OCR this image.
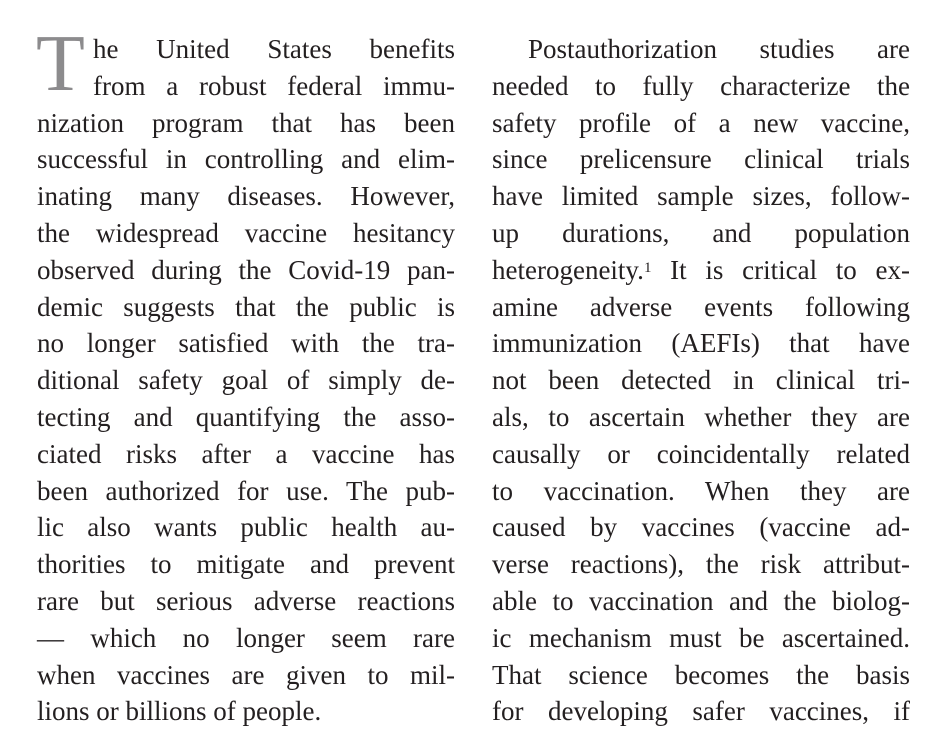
T he United States benefits
from a robust federal immu-
nization program that has been
successful in controlling and elim-
inating many diseases. However,
the widespread vaccine hesitancy
observed during the Covid-19 pan-
demic suggests that the public is
no longer satisfied with the tra-
ditional safety goal of simply de-
tecting and quantifying the asso-
ciated risks after a vaccine has
been authorized for use. The pub-
lic also wants public health au-
thorities to mitigate and prevent
rare but serious adverse reactions
— which no longer seem rare
when vaccines are given to mil-
lions or billions of people.
Postauthorization studies are
needed to fully characterize the
safety profile of a new vaccine,
since prelicensure clinical trials
have limited sample sizes, follow-
up durations, and population
heterogeneity.$^1$ It is critical to ex-
amine adverse events following
immunization (AEFIs) that have
not been detected in clinical tri-
als, to ascertain whether they are
causally or coincidentally related
to vaccination. When they are
caused by vaccines (vaccine ad-
verse reactions), the risk attribut-
able to vaccination and the biolog-
ic mechanism must be ascertained.
That science becomes the basis
for developing safer vaccines, if
